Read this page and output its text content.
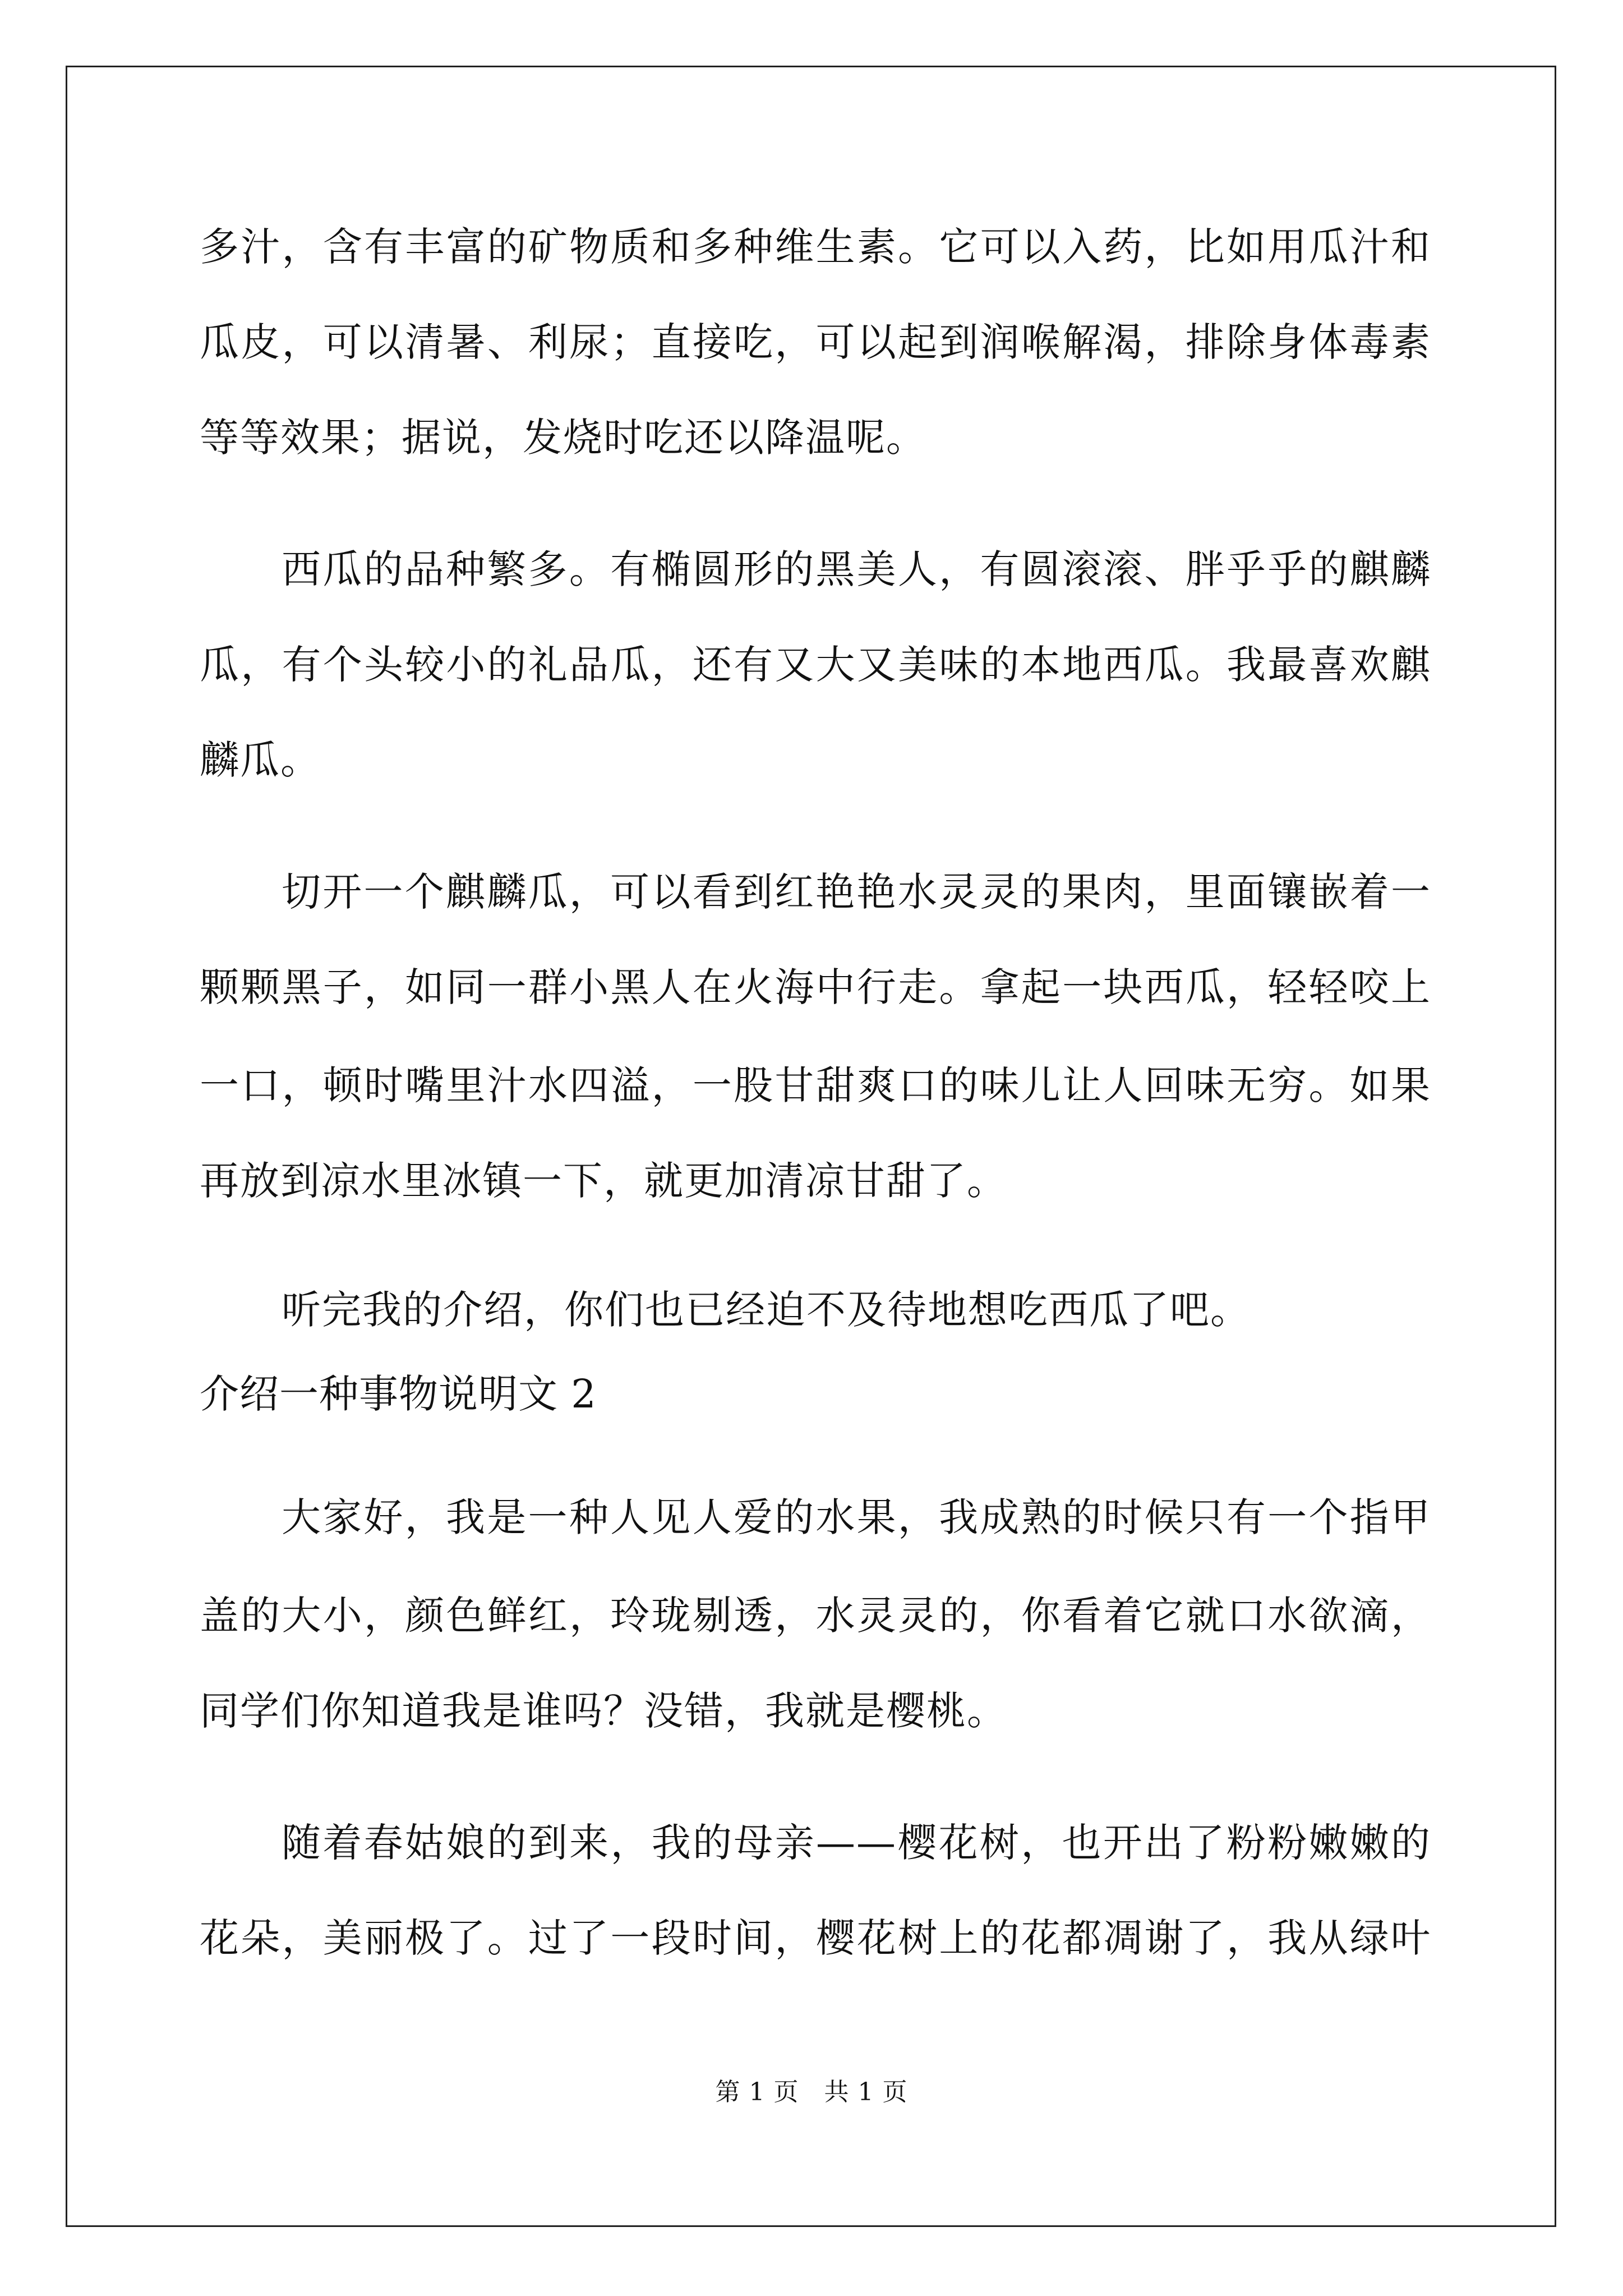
多汁，含有丰富的矿物质和多种维生素。它可以入药，比如用瓜汁和
瓜皮，可以清暑、利尿；直接吃，可以起到润喉解渴，排除身体毒素
等等效果；据说，发烧时吃还以降温呢。
西瓜的品种繁多。有椭圆形的黑美人，有圆滚滚、胖乎乎的麒麟
瓜，有个头较小的礼品瓜，还有又大又美味的本地西瓜。我最喜欢麒
麟瓜。
切开一个麒麟瓜，可以看到红艳艳水灵灵的果肉，里面镶嵌着一
颗颗黑子，如同一群小黑人在火海中行走。拿起一块西瓜，轻轻咬上
一口，顿时嘴里汁水四溢，一股甘甜爽口的味儿让人回味无穷。如果
再放到凉水里冰镇一下，就更加清凉甘甜了。
听完我的介绍，你们也已经迫不及待地想吃西瓜了吧。
介绍一种事物说明文 2
大家好，我是一种人见人爱的水果，我成熟的时候只有一个指甲
盖的大小，颜色鲜红，玲珑剔透，水灵灵的，你看着它就口水欲滴，
同学们你知道我是谁吗？没错，我就是樱桃。
随着春姑娘的到来，我的母亲——樱花树，也开出了粉粉嫩嫩的
花朵，美丽极了。过了一段时间，樱花树上的花都凋谢了，我从绿叶
第 1 页　共 1 页
